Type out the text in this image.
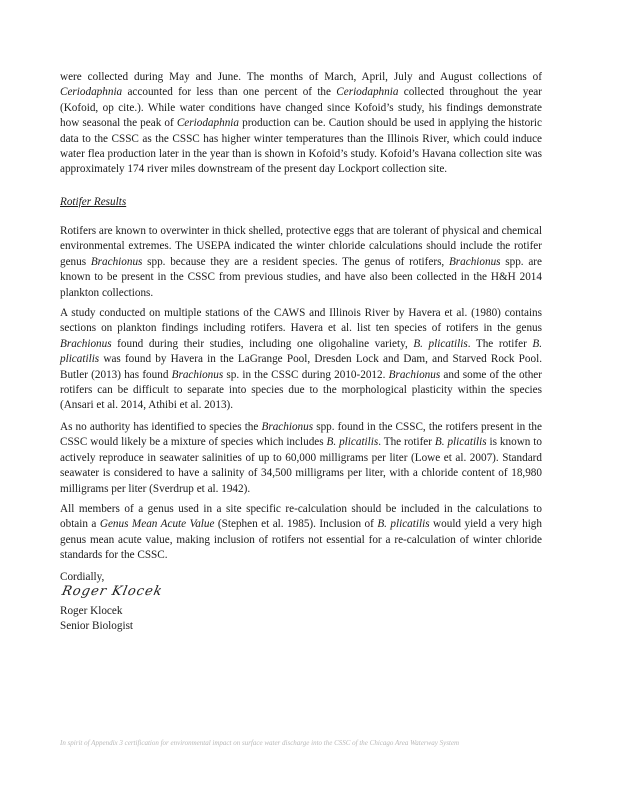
were collected during May and June. The months of March, April, July and August collections of Ceriodaphnia accounted for less than one percent of the Ceriodaphnia collected throughout the year (Kofoid, op cite.). While water conditions have changed since Kofoid’s study, his findings demonstrate how seasonal the peak of Ceriodaphnia production can be. Caution should be used in applying the historic data to the CSSC as the CSSC has higher winter temperatures than the Illinois River, which could induce water flea production later in the year than is shown in Kofoid’s study. Kofoid’s Havana collection site was approximately 174 river miles downstream of the present day Lockport collection site.

Rotifer Results

Rotifers are known to overwinter in thick shelled, protective eggs that are tolerant of physical and chemical environmental extremes. The USEPA indicated the winter chloride calculations should include the rotifer genus Brachionus spp. because they are a resident species. The genus of rotifers, Brachionus spp. are known to be present in the CSSC from previous studies, and have also been collected in the H&H 2014 plankton collections.

A study conducted on multiple stations of the CAWS and Illinois River by Havera et al. (1980) contains sections on plankton findings including rotifers. Havera et al. list ten species of rotifers in the genus Brachionus found during their studies, including one oligohaline variety, B. plicatilis. The rotifer B. plicatilis was found by Havera in the LaGrange Pool, Dresden Lock and Dam, and Starved Rock Pool. Butler (2013) has found Brachionus sp. in the CSSC during 2010-2012. Brachionus and some of the other rotifers can be difficult to separate into species due to the morphological plasticity within the species (Ansari et al. 2014, Athibi et al. 2013).

As no authority has identified to species the Brachionus spp. found in the CSSC, the rotifers present in the CSSC would likely be a mixture of species which includes B. plicatilis. The rotifer B. plicatilis is known to actively reproduce in seawater salinities of up to 60,000 milligrams per liter (Lowe et al. 2007). Standard seawater is considered to have a salinity of 34,500 milligrams per liter, with a chloride content of 18,980 milligrams per liter (Sverdrup et al. 1942).

All members of a genus used in a site specific re-calculation should be included in the calculations to obtain a Genus Mean Acute Value (Stephen et al. 1985). Inclusion of B. plicatilis would yield a very high genus mean acute value, making inclusion of rotifers not essential for a re-calculation of winter chloride standards for the CSSC.

Cordially,

Roger Klocek

Roger Klocek

Senior Biologist

In spirit of Appendix 3 certification for environmental impact on surface water discharge into the CSSC of the Chicago Area Waterway System
